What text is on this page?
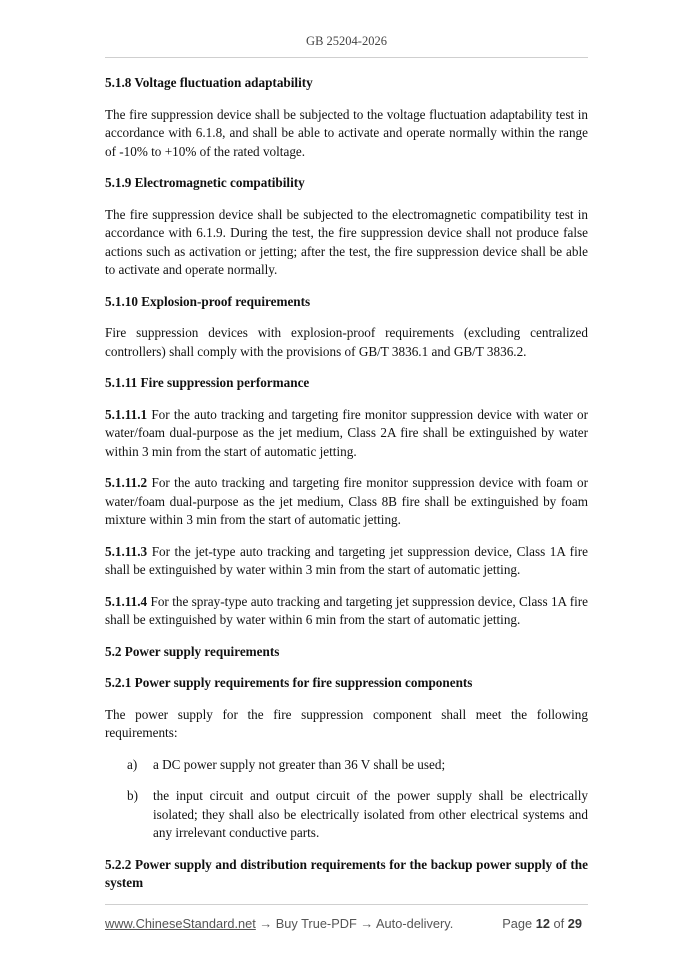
GB 25204-2026
5.1.8 Voltage fluctuation adaptability

The fire suppression device shall be subjected to the voltage fluctuation adaptability test in accordance with 6.1.8, and shall be able to activate and operate normally within the range of -10% to +10% of the rated voltage.

5.1.9 Electromagnetic compatibility

The fire suppression device shall be subjected to the electromagnetic compatibility test in accordance with 6.1.9. During the test, the fire suppression device shall not produce false actions such as activation or jetting; after the test, the fire suppression device shall be able to activate and operate normally.

5.1.10 Explosion-proof requirements

Fire suppression devices with explosion-proof requirements (excluding centralized controllers) shall comply with the provisions of GB/T 3836.1 and GB/T 3836.2.

5.1.11 Fire suppression performance

5.1.11.1 For the auto tracking and targeting fire monitor suppression device with water or water/foam dual-purpose as the jet medium, Class 2A fire shall be extinguished by water within 3 min from the start of automatic jetting.

5.1.11.2 For the auto tracking and targeting fire monitor suppression device with foam or water/foam dual-purpose as the jet medium, Class 8B fire shall be extinguished by foam mixture within 3 min from the start of automatic jetting.

5.1.11.3 For the jet-type auto tracking and targeting jet suppression device, Class 1A fire shall be extinguished by water within 3 min from the start of automatic jetting.

5.1.11.4 For the spray-type auto tracking and targeting jet suppression device, Class 1A fire shall be extinguished by water within 6 min from the start of automatic jetting.

5.2 Power supply requirements
5.2.1 Power supply requirements for fire suppression components

The power supply for the fire suppression component shall meet the following requirements:

a) a DC power supply not greater than 36 V shall be used;
b) the input circuit and output circuit of the power supply shall be electrically isolated; they shall also be electrically isolated from other electrical systems and any irrelevant conductive parts.
5.2.2 Power supply and distribution requirements for the backup power supply of the system
www.ChineseStandard.net → Buy True-PDF → Auto-delivery.	Page 12 of 29
